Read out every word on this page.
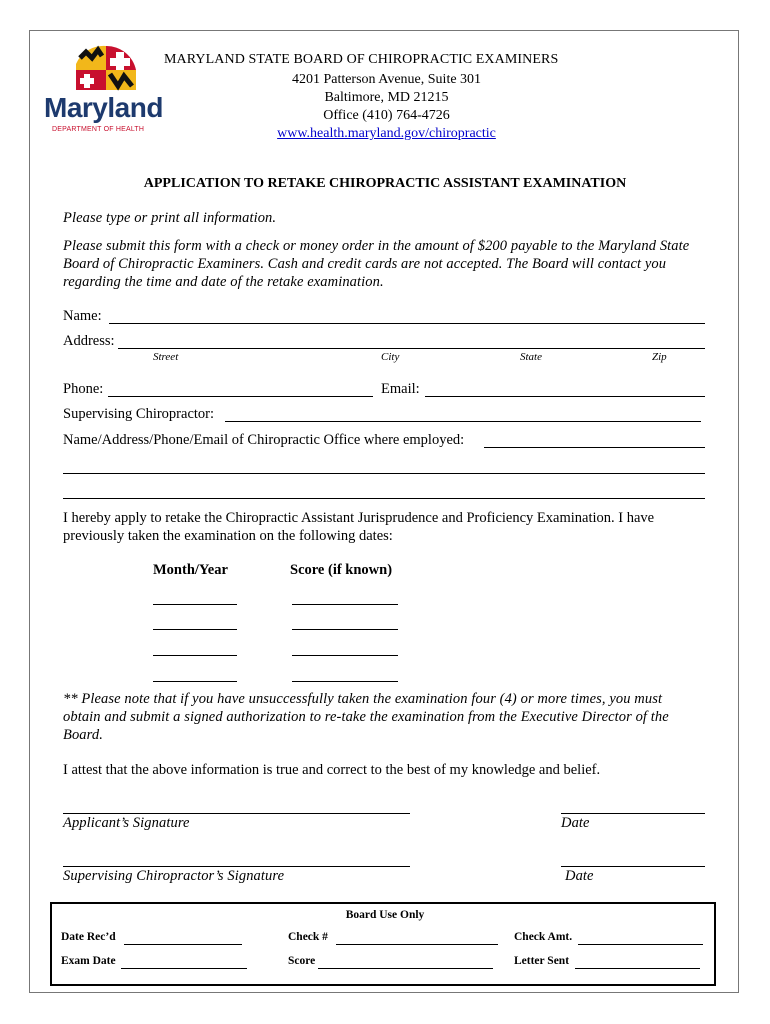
Maryland
DEPARTMENT OF HEALTH
MARYLAND STATE BOARD OF CHIROPRACTIC EXAMINERS
4201 Patterson Avenue, Suite 301
Baltimore, MD 21215
Office (410) 764-4726
www.health.maryland.gov/chiropractic
APPLICATION TO RETAKE CHIROPRACTIC ASSISTANT EXAMINATION
Please type or print all information.
Please submit this form with a check or money order in the amount of $200 payable to the Maryland State Board of Chiropractic Examiners. Cash and credit cards are not accepted. The Board will contact you regarding the time and date of the retake examination.
Name:
Address:
Street	City	State	Zip
Phone:	Email:
Supervising Chiropractor:
Name/Address/Phone/Email of Chiropractic Office where employed:
I hereby apply to retake the Chiropractic Assistant Jurisprudence and Proficiency Examination. I have previously taken the examination on the following dates:
Month/Year	Score (if known)
** Please note that if you have unsuccessfully taken the examination four (4) or more times, you must obtain and submit a signed authorization to re-take the examination from the Executive Director of the Board.
I attest that the above information is true and correct to the best of my knowledge and belief.
Applicant’s Signature	Date
Supervising Chiropractor’s Signature	Date
Board Use Only
Date Rec’d	Check #	Check Amt.
Exam Date	Score	Letter Sent
